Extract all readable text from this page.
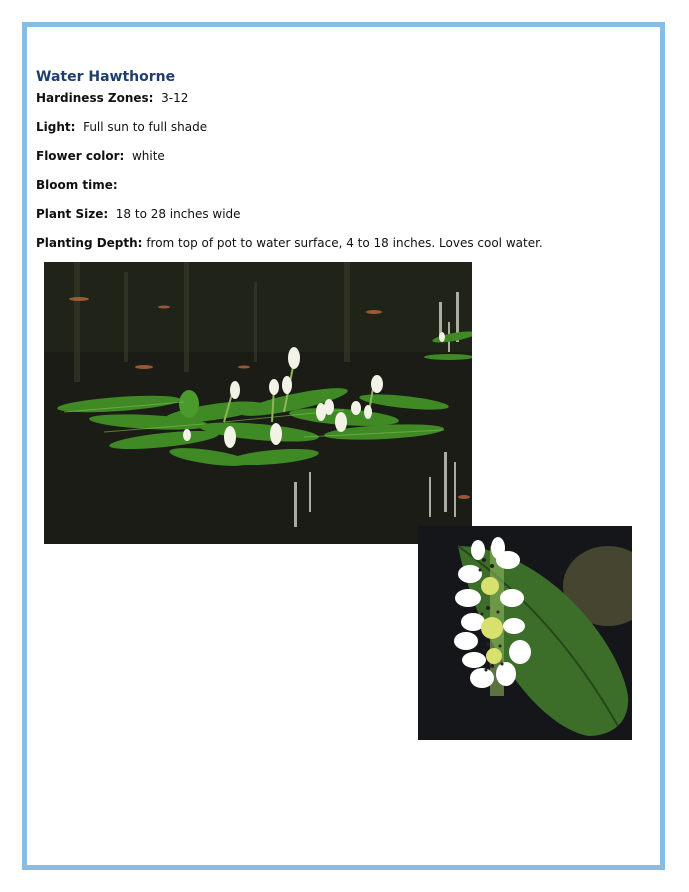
Water Hawthorne
Hardiness Zones: 3-12
Light: Full sun to full shade
Flower color: white
Bloom time:
Plant Size: 18 to 28 inches wide
Planting Depth: from top of pot to water surface, 4 to 18 inches. Loves cool water.
